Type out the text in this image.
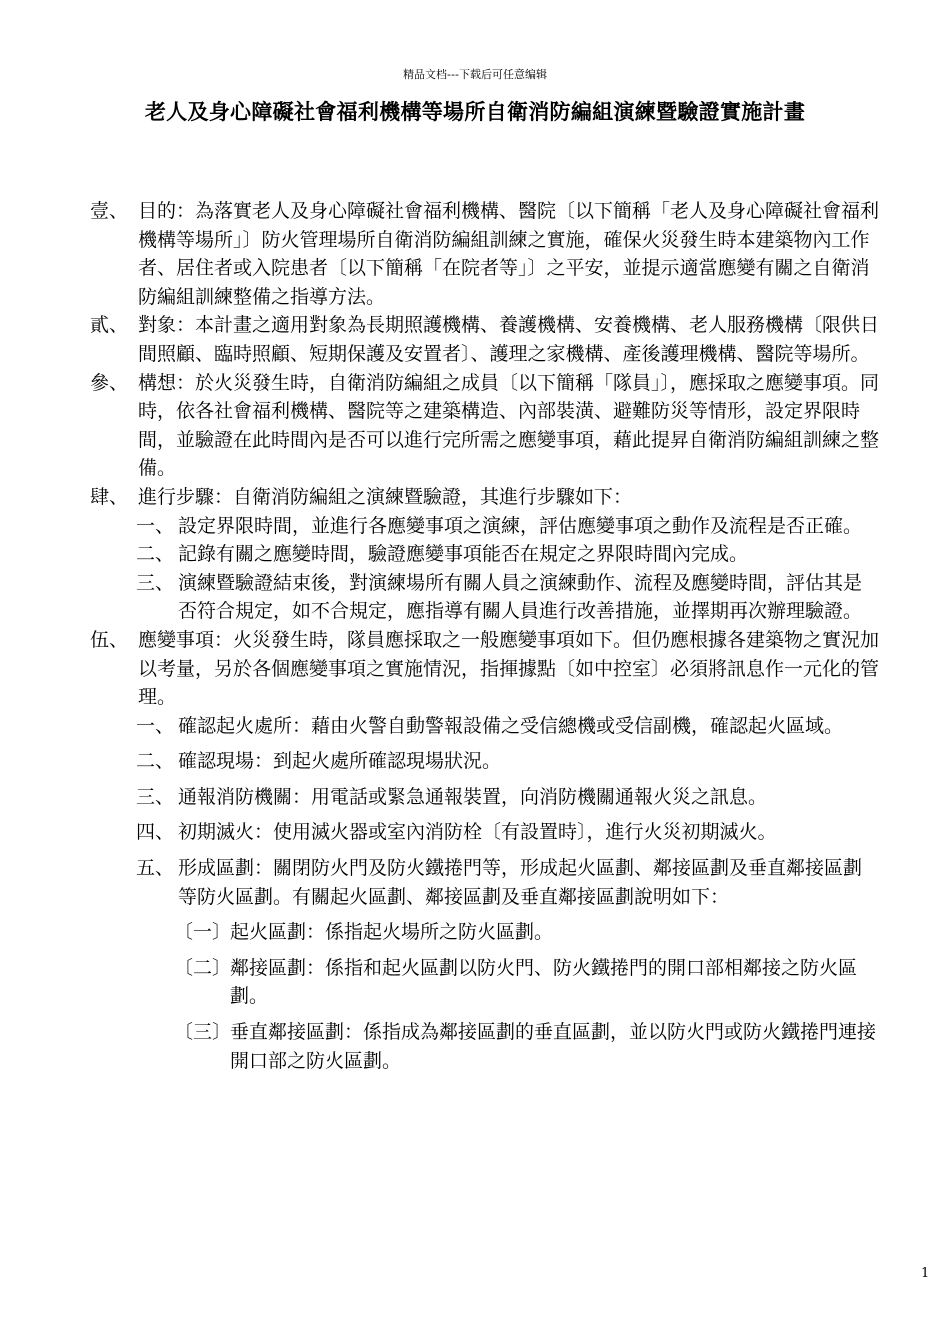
精品文档---下载后可任意编辑
老人及身心障礙社會福利機構等場所自衛消防編組演練暨驗證實施計畫
壹、 目的：為落實老人及身心障礙社會福利機構、醫院〔以下簡稱「老人及身心障礙社會福利機構等場所」〕防火管理場所自衛消防編組訓練之實施，確保火災發生時本建築物內工作者、居住者或入院患者〔以下簡稱「在院者等」〕之平安，並提示適當應變有關之自衛消防編組訓練整備之指導方法。
貳、 對象：本計畫之適用對象為長期照護機構、養護機構、安養機構、老人服務機構〔限供日間照顧、臨時照顧、短期保護及安置者〕、護理之家機構、產後護理機構、醫院等場所。
參、 構想：於火災發生時，自衛消防編組之成員〔以下簡稱「隊員」〕，應採取之應變事項。同時，依各社會福利機構、醫院等之建築構造、內部裝潢、避難防災等情形，設定界限時間，並驗證在此時間內是否可以進行完所需之應變事項，藉此提昇自衛消防編組訓練之整備。
肆、 進行步驟：自衛消防編組之演練暨驗證，其進行步驟如下：
一、 設定界限時間，並進行各應變事項之演練，評估應變事項之動作及流程是否正確。
二、 記錄有關之應變時間，驗證應變事項能否在規定之界限時間內完成。
三、 演練暨驗證結束後，對演練場所有關人員之演練動作、流程及應變時間，評估其是否符合規定，如不合規定，應指導有關人員進行改善措施，並擇期再次辦理驗證。
伍、 應變事項：火災發生時，隊員應採取之一般應變事項如下。但仍應根據各建築物之實況加以考量，另於各個應變事項之實施情況，指揮據點〔如中控室〕必須將訊息作一元化的管理。
一、 確認起火處所：藉由火警自動警報設備之受信總機或受信副機，確認起火區域。
二、 確認現場：到起火處所確認現場狀況。
三、 通報消防機關：用電話或緊急通報裝置，向消防機關通報火災之訊息。
四、 初期滅火：使用滅火器或室內消防栓〔有設置時〕，進行火災初期滅火。
五、 形成區劃：關閉防火門及防火鐵捲門等，形成起火區劃、鄰接區劃及垂直鄰接區劃等防火區劃。有關起火區劃、鄰接區劃及垂直鄰接區劃說明如下：
〔一〕
起火區劃：係指起火場所之防火區劃。
〔二〕
鄰接區劃：係指和起火區劃以防火門、防火鐵捲門的開口部相鄰接之防火區劃。
〔三〕
垂直鄰接區劃：係指成為鄰接區劃的垂直區劃，並以防火門或防火鐵捲門連接開口部之防火區劃。
1
